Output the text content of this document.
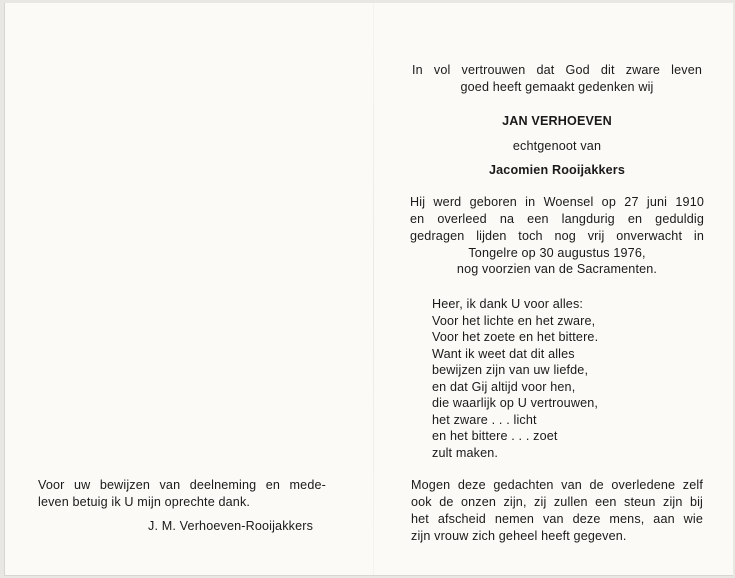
In vol vertrouwen dat God dit zware leven
goed heeft gemaakt gedenken wij
JAN VERHOEVEN
echtgenoot van
Jacomien Rooijakkers
Hij werd geboren in Woensel op 27 juni 1910
en overleed na een langdurig en geduldig
gedragen lijden toch nog vrij onverwacht in
Tongelre op 30 augustus 1976,
nog voorzien van de Sacramenten.
Heer, ik dank U voor alles:
Voor het lichte en het zware,
Voor het zoete en het bittere.
Want ik weet dat dit alles
bewijzen zijn van uw liefde,
en dat Gij altijd voor hen,
die waarlijk op U vertrouwen,
het zware . . . licht
en het bittere . . . zoet
zult maken.
Mogen deze gedachten van de overledene zelf
ook de onzen zijn, zij zullen een steun zijn bij
het afscheid nemen van deze mens, aan wie
zijn vrouw zich geheel heeft gegeven.
Voor uw bewijzen van deelneming en mede-
leven betuig ik U mijn oprechte dank.
J. M. Verhoeven-Rooijakkers
